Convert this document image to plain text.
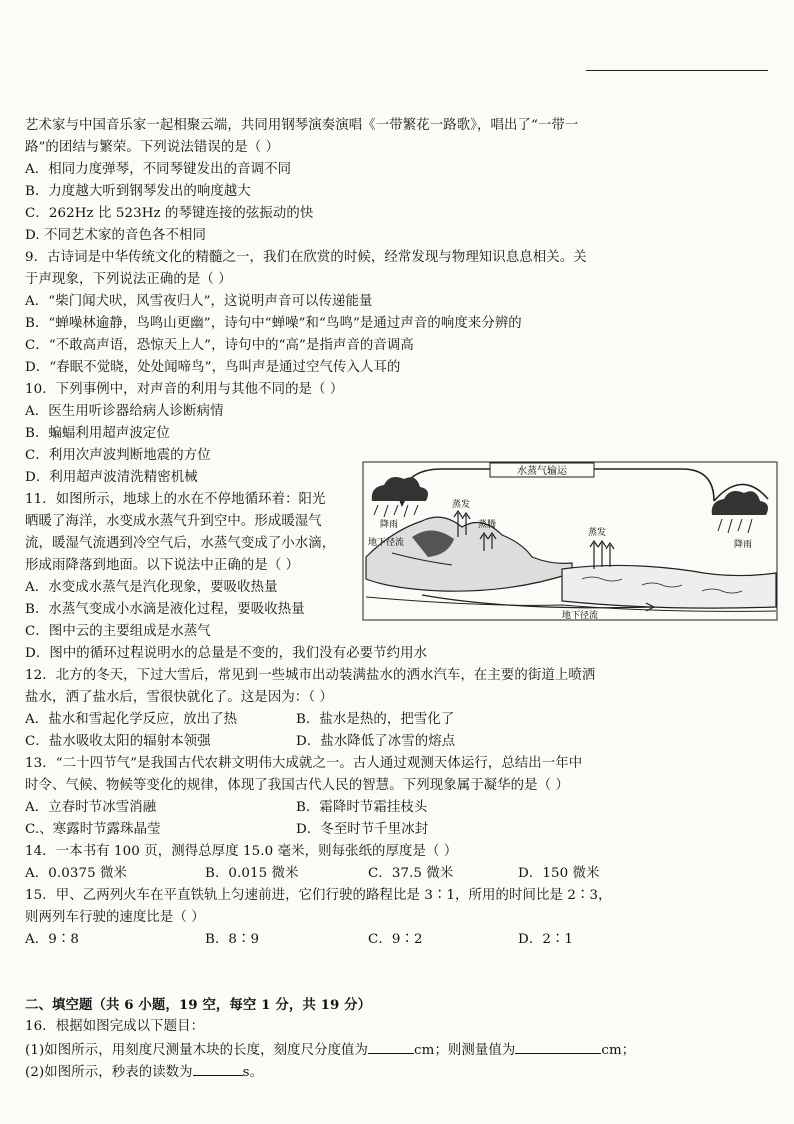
艺术家与中国音乐家一起相聚云端，共同用钢琴演奏演唱《一带繁花一路歌》，唱出了“一带一
路”的团结与繁荣。下列说法错误的是（ ）
A．相同力度弹琴，不同琴键发出的音调不同
B．力度越大听到钢琴发出的响度越大
C．262Hz 比 523Hz 的琴键连接的弦振动的快
D. 不同艺术家的音色各不相同
9．古诗词是中华传统文化的精髓之一，我们在欣赏的时候，经常发现与物理知识息息相关。关
于声现象，下列说法正确的是（ ）
A．“柴门闻犬吠，风雪夜归人”，这说明声音可以传递能量
B．“蝉噪林逾静，鸟鸣山更幽”，诗句中“蝉噪”和“鸟鸣”是通过声音的响度来分辨的
C．“不敢高声语，恐惊天上人”，诗句中的“高”是指声音的音调高
D．“春眠不觉晓，处处闻啼鸟”，鸟叫声是通过空气传入人耳的
10．下列事例中，对声音的利用与其他不同的是（ ）
A．医生用听诊器给病人诊断病情
B．蝙蝠利用超声波定位
C．利用次声波判断地震的方位
D．利用超声波清洗精密机械
11．如图所示，地球上的水在不停地循环着：阳光
晒暖了海洋，水变成水蒸气升到空中。形成暖湿气
流，暖湿气流遇到冷空气后，水蒸气变成了小水滴，
形成雨降落到地面。以下说法中正确的是（ ）
A．水变成水蒸气是汽化现象，要吸收热量
B．水蒸气变成小水滴是液化过程，要吸收热量
C．图中云的主要组成是水蒸气
D．图中的循环过程说明水的总量是不变的，我们没有必要节约用水
水蒸气输运
降雨
降雨
蒸发
蒸腾
蒸发
地下径流
地下径流
12．北方的冬天，下过大雪后，常见到一些城市出动装满盐水的洒水汽车，在主要的街道上喷洒
盐水，洒了盐水后，雪很快就化了。这是因为：（ ）
A．盐水和雪起化学反应，放出了热	B．盐水是热的，把雪化了
C．盐水吸收太阳的辐射本领强	D．盐水降低了冰雪的熔点
13．“二十四节气”是我国古代农耕文明伟大成就之一。古人通过观测天体运行，总结出一年中
时令、气候、物候等变化的规律，体现了我国古代人民的智慧。下列现象属于凝华的是（ ）
A．立春时节冰雪消融	B．霜降时节霜挂枝头
C.、寒露时节露珠晶莹	D．冬至时节千里冰封
14．一本书有 100 页，测得总厚度 15.0 毫米，则每张纸的厚度是（ ）
A．0.0375 微米	B．0.015 微米	C．37.5 微米	D．150 微米
15．甲、乙两列火车在平直铁轨上匀速前进，它们行驶的路程比是 3∶1，所用的时间比是 2∶3，
则两列车行驶的速度比是（ ）
A．9∶8	B．8∶9	C．9∶2	D．2∶1
二、填空题（共 6 小题，19 空，每空 1 分，共 19 分）
16．根据如图完成以下题目：
(1)如图所示，用刻度尺测量木块的长度，刻度尺分度值为	cm；则测量值为	cm；
(2)如图所示，秒表的读数为	s。
